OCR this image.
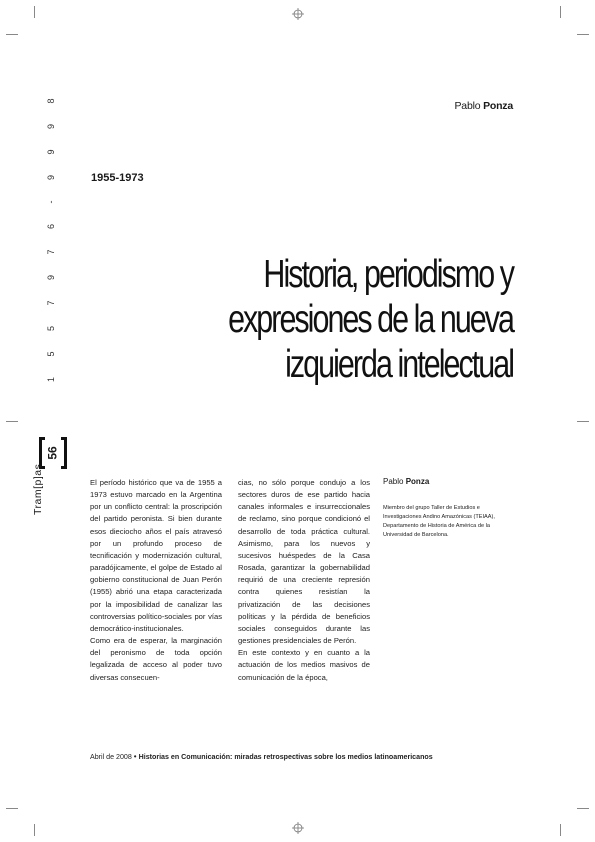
Pablo Ponza
1955-1973
Historia, periodismo y
expresiones de la nueva
izquierda intelectual
1 5 5 7 9 7 6 - 9 9 9 8
56
Tram[p]as	El período histórico que va de 1955 a 1973 estuvo marcado en la Argentina por un conflicto central: la proscripción del partido peronista. Si bien durante esos dieciocho años el país atravesó por un profundo proceso de tecnificación y modernización cultural, paradójicamente, el golpe de Estado al gobierno constitucional de Juan Perón (1955) abrió una etapa caracterizada por la imposibilidad de canalizar las controversias político-sociales por vías democrático-institucionales.

Como era de esperar, la marginación del peronismo de toda opción legalizada de acceso al poder tuvo diversas consecuen-

cias, no sólo porque condujo a los sectores duros de ese partido hacia canales informales e insurreccionales de reclamo, sino porque condicionó el desarrollo de toda práctica cultural. Asimismo, para los nuevos y sucesivos huéspedes de la Casa Rosada, garantizar la gobernabilidad requirió de una creciente represión contra quienes resistían la privatización de las decisiones políticas y la pérdida de beneficios sociales conseguidos durante las gestiones presidenciales de Perón.

En este contexto y en cuanto a la actuación de los medios masivos de comunicación de la época,

Pablo Ponza
Miembro del grupo Taller de Estudios e Investigaciones Andino Amazónicas (TEIAA), Departamento de Historia de América de la Universidad de Barcelona.
Abril de 2008 • Historias en Comunicación: miradas retrospectivas sobre los medios latinoamericanos
